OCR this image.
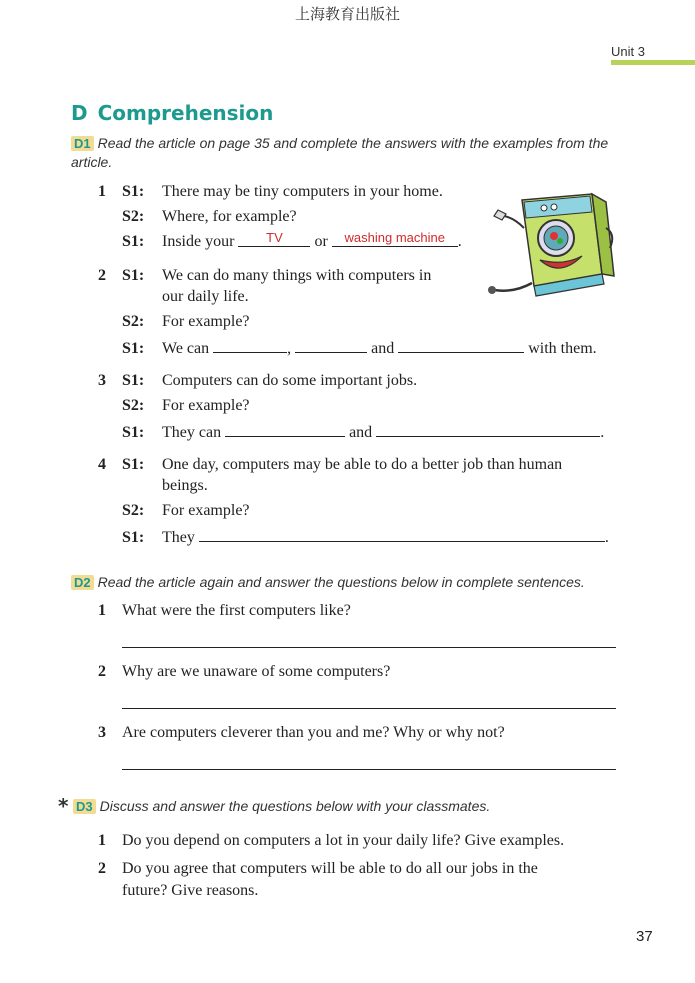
上海教育出版社
Unit 3
D Comprehension
D1 Read the article on page 35 and complete the answers with the examples from the
article.
1 S1: There may be tiny computers in your home.
S2: Where, for example?
S1: Inside your $^{TV}$ or $^{washing machine}$ .
2 S1: We can do many things with computers in
our daily life.
S2: For example?
S1: We can	,	and	with them.
3 S1: Computers can do some important jobs.
S2: For example?
S1: They can	and	.
4 S1: One day, computers may be able to do a better job than human
beings.
S2: For example?
S1: They	.
D2 Read the article again and answer the questions below in complete sentences.
1 What were the first computers like?
2 Why are we unaware of some computers?
3 Are computers cleverer than you and me? Why or why not?
* D3 Discuss and answer the questions below with your classmates.
1 Do you depend on computers a lot in your daily life? Give examples.
2 Do you agree that computers will be able to do all our jobs in the
future? Give reasons.
37
